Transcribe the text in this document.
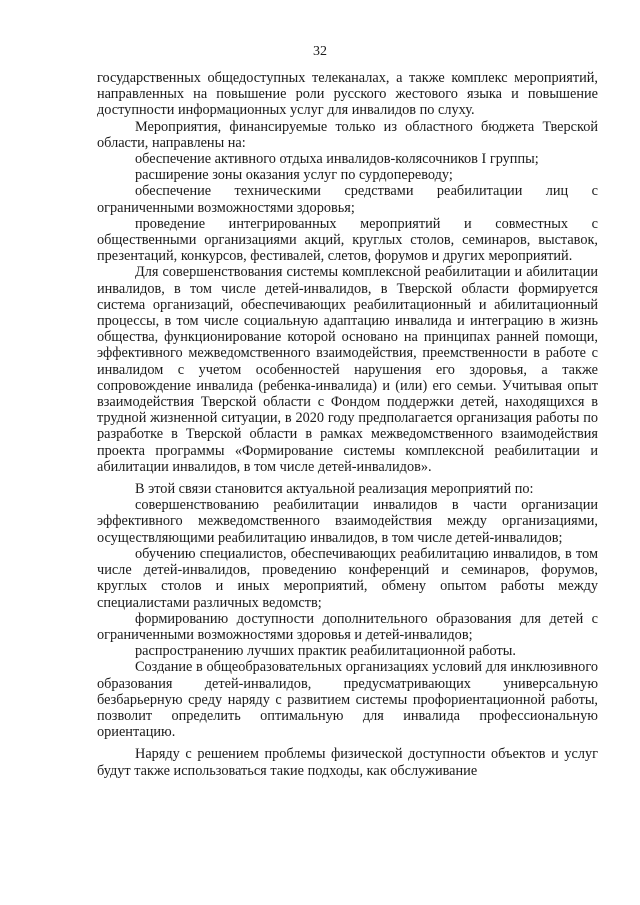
32

государственных общедоступных телеканалах, а также комплекс мероприятий, направленных на повышение роли русского жестового языка и повышение доступности информационных услуг для инвалидов по слуху.

Мероприятия, финансируемые только из областного бюджета Тверской области, направлены на:

обеспечение активного отдыха инвалидов-колясочников I группы;

расширение зоны оказания услуг по сурдопереводу;

обеспечение техническими средствами реабилитации лиц с ограниченными возможностями здоровья;

проведение интегрированных мероприятий и совместных с общественными организациями акций, круглых столов, семинаров, выставок, презентаций, конкурсов, фестивалей, слетов, форумов и других мероприятий.

Для совершенствования системы комплексной реабилитации и абилитации инвалидов, в том числе детей-инвалидов, в Тверской области формируется система организаций, обеспечивающих реабилитационный и абилитационный процессы, в том числе социальную адаптацию инвалида и интеграцию в жизнь общества, функционирование которой основано на принципах ранней помощи, эффективного межведомственного взаимодействия, преемственности в работе с инвалидом с учетом особенностей нарушения его здоровья, а также сопровождение инвалида (ребенка-инвалида) и (или) его семьи. Учитывая опыт взаимодействия Тверской области с Фондом поддержки детей, находящихся в трудной жизненной ситуации, в 2020 году предполагается организация работы по разработке в Тверской области в рамках межведомственного взаимодействия проекта программы «Формирование системы комплексной реабилитации и абилитации инвалидов, в том числе детей-инвалидов».

В этой связи становится актуальной реализация мероприятий по:

совершенствованию реабилитации инвалидов в части организации эффективного межведомственного взаимодействия между организациями, осуществляющими реабилитацию инвалидов, в том числе детей-инвалидов;

обучению специалистов, обеспечивающих реабилитацию инвалидов, в том числе детей-инвалидов, проведению конференций и семинаров, форумов, круглых столов и иных мероприятий, обмену опытом работы между специалистами различных ведомств;

формированию доступности дополнительного образования для детей с ограниченными возможностями здоровья и детей-инвалидов;

распространению лучших практик реабилитационной работы.

Создание в общеобразовательных организациях условий для инклюзивного образования детей-инвалидов, предусматривающих универсальную безбарьерную среду наряду с развитием системы профориентационной работы, позволит определить оптимальную для инвалида профессиональную ориентацию.

Наряду с решением проблемы физической доступности объектов и услуг будут также использоваться такие подходы, как обслуживание
